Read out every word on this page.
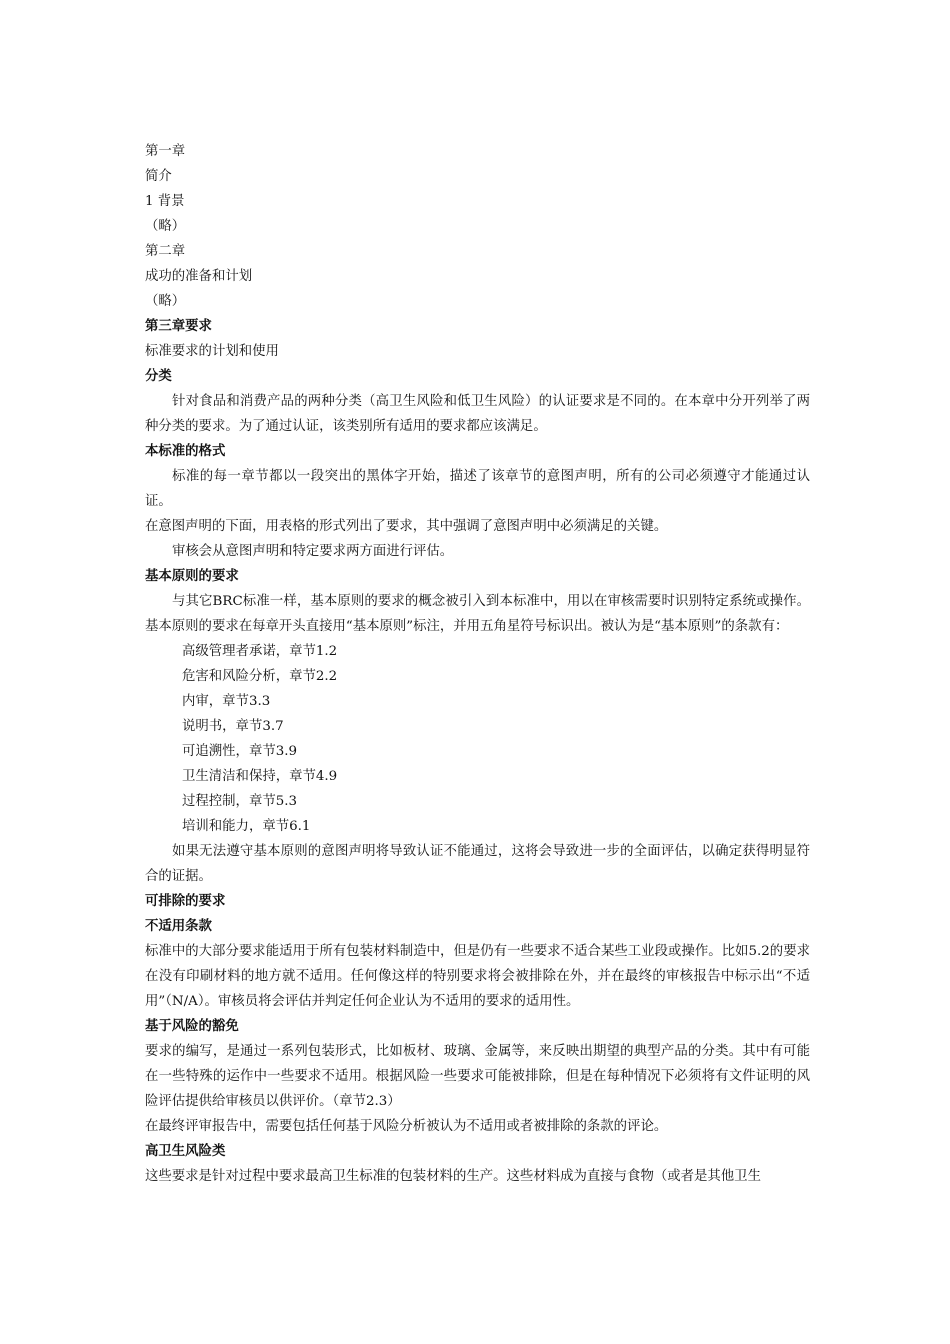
第一章
简介
1 背景
（略）
第二章
成功的准备和计划
（略）
第三章要求
标准要求的计划和使用
分类
针对食品和消费产品的两种分类（高卫生风险和低卫生风险）的认证要求是不同的。在本章中分开列举了两种分类的要求。为了通过认证，该类别所有适用的要求都应该满足。
本标准的格式
标准的每一章节都以一段突出的黑体字开始，描述了该章节的意图声明，所有的公司必须遵守才能通过认证。
在意图声明的下面，用表格的形式列出了要求，其中强调了意图声明中必须满足的关键。
审核会从意图声明和特定要求两方面进行评估。
基本原则的要求
与其它BRC标准一样，基本原则的要求的概念被引入到本标准中，用以在审核需要时识别特定系统或操作。基本原则的要求在每章开头直接用“基本原则”标注，并用五角星符号标识出。被认为是“基本原则”的条款有：
高级管理者承诺，章节1.2
危害和风险分析，章节2.2
内审，章节3.3
说明书，章节3.7
可追溯性，章节3.9
卫生清洁和保持，章节4.9
过程控制，章节5.3
培训和能力，章节6.1
如果无法遵守基本原则的意图声明将导致认证不能通过，这将会导致进一步的全面评估，以确定获得明显符合的证据。
可排除的要求
不适用条款
标准中的大部分要求能适用于所有包装材料制造中，但是仍有一些要求不适合某些工业段或操作。比如5.2的要求在没有印刷材料的地方就不适用。任何像这样的特别要求将会被排除在外，并在最终的审核报告中标示出“不适用”（N/A）。审核员将会评估并判定任何企业认为不适用的要求的适用性。
基于风险的豁免
要求的编写，是通过一系列包装形式，比如板材、玻璃、金属等，来反映出期望的典型产品的分类。其中有可能在一些特殊的运作中一些要求不适用。根据风险一些要求可能被排除，但是在每种情况下必须将有文件证明的风险评估提供给审核员以供评价。（章节2.3）
在最终评审报告中，需要包括任何基于风险分析被认为不适用或者被排除的条款的评论。
高卫生风险类
这些要求是针对过程中要求最高卫生标准的包装材料的生产。这些材料成为直接与食物（或者是其他卫生
